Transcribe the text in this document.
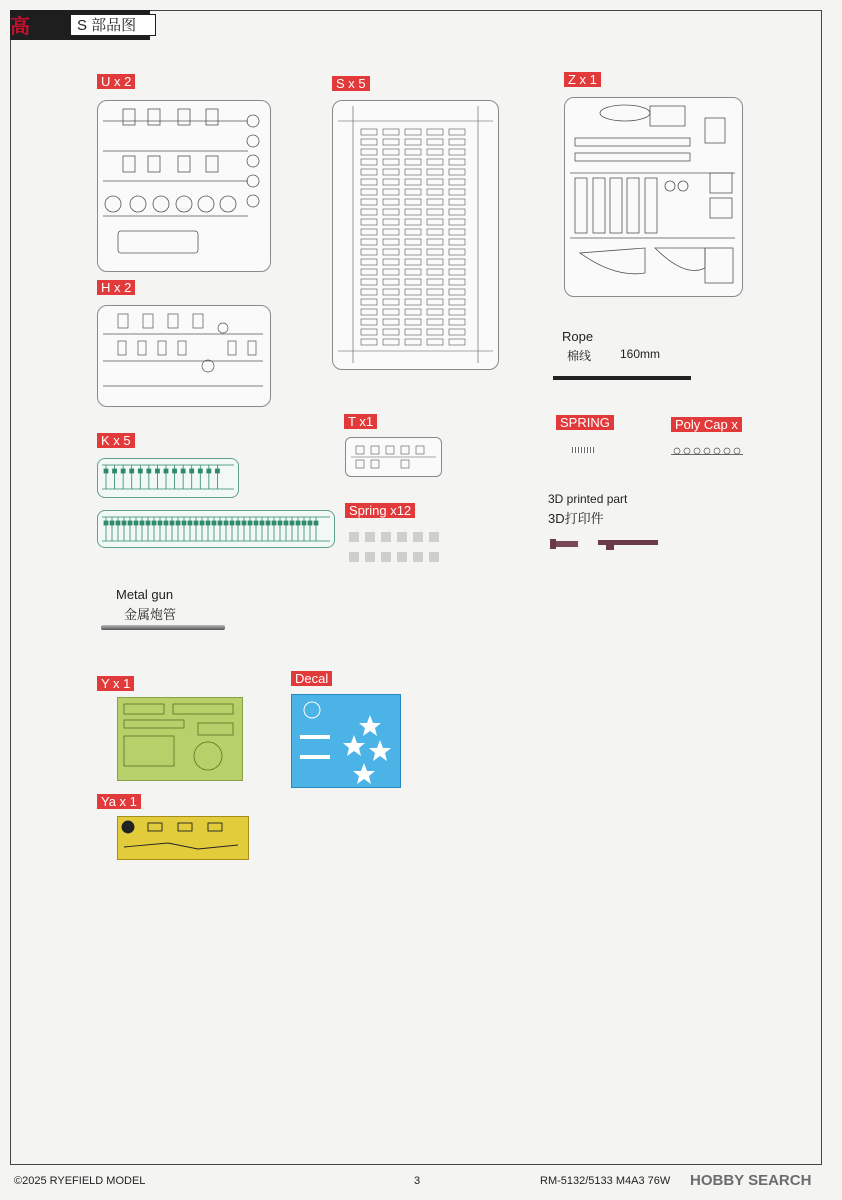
S 部品图
高
U x 2	S x 5	Z x 1
Rope
棉线 160mm
H x 2
T x1	SPRING	Poly Cap x
K x 5
Spring x12
3D printed part
3D打印件
Metal gun
金属炮管
Y x 1	Decal
Ya x 1
©2025 RYEFIELD MODEL	3	RM-5132/5133 M4A3 76W HOBBY SEARCH
